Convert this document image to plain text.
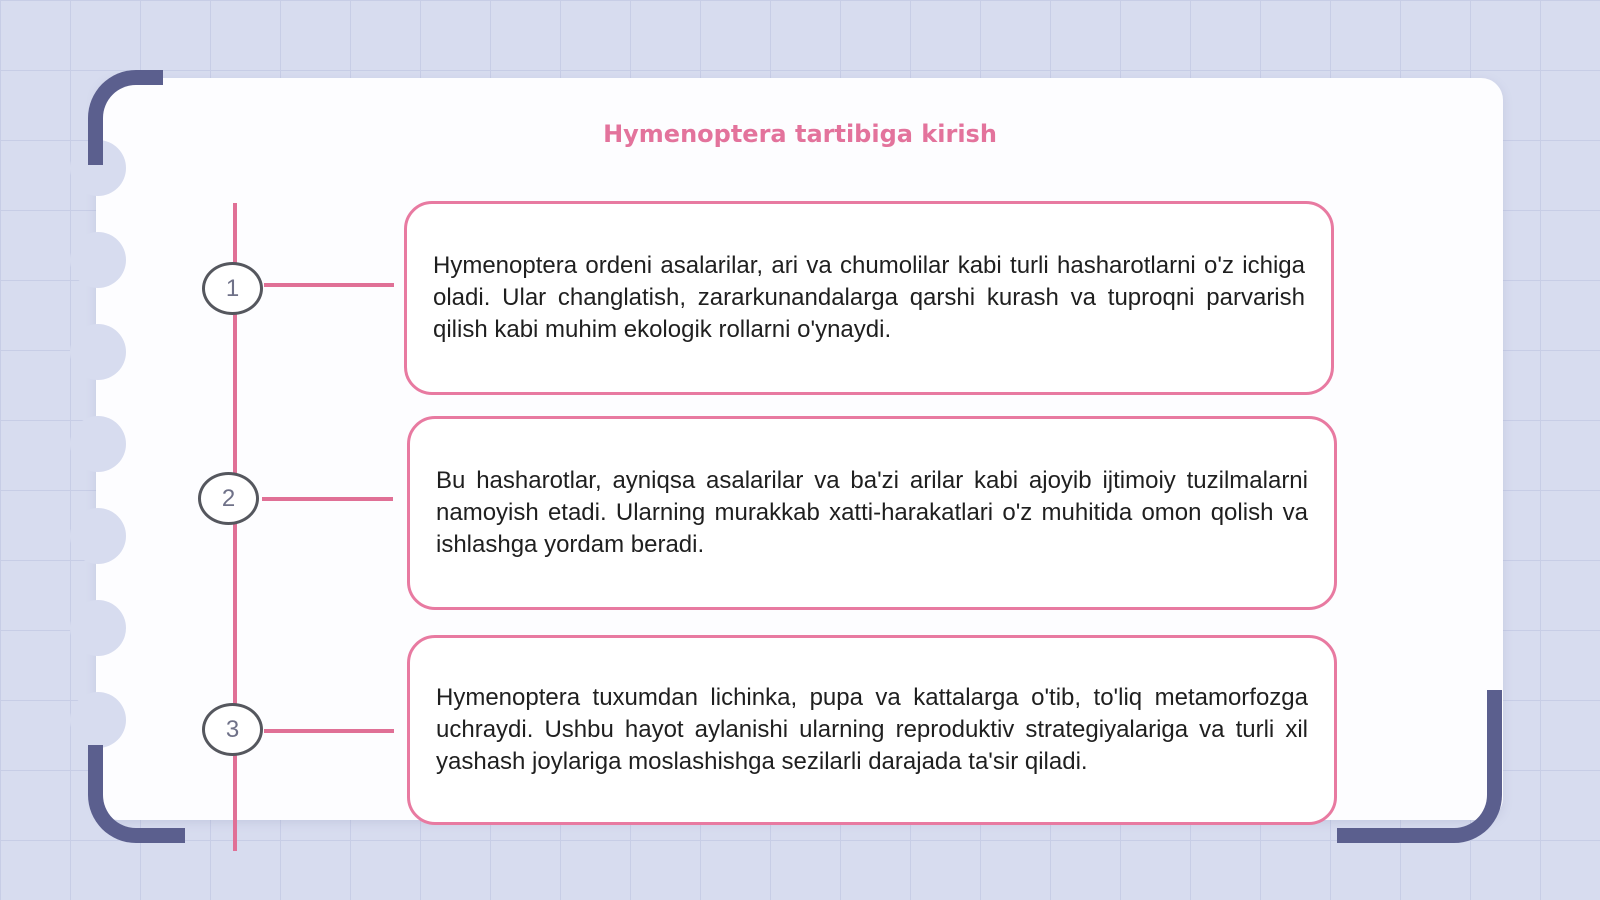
Hymenoptera tartibiga kirish
1

Hymenoptera ordeni asalarilar, ari va chumolilar kabi turli hasharotlarni o'z ichiga oladi. Ular changlatish, zararkunandalarga qarshi kurash va tuproqni parvarish qilish kabi muhim ekologik rollarni o'ynaydi.

2

Bu hasharotlar, ayniqsa asalarilar va ba'zi arilar kabi ajoyib ijtimoiy tuzilmalarni namoyish etadi. Ularning murakkab xatti-harakatlari o'z muhitida omon qolish va ishlashga yordam beradi.

3

Hymenoptera tuxumdan lichinka, pupa va kattalarga o'tib, to'liq metamorfozga uchraydi. Ushbu hayot aylanishi ularning reproduktiv strategiyalariga va turli xil yashash joylariga moslashishga sezilarli darajada ta'sir qiladi.
